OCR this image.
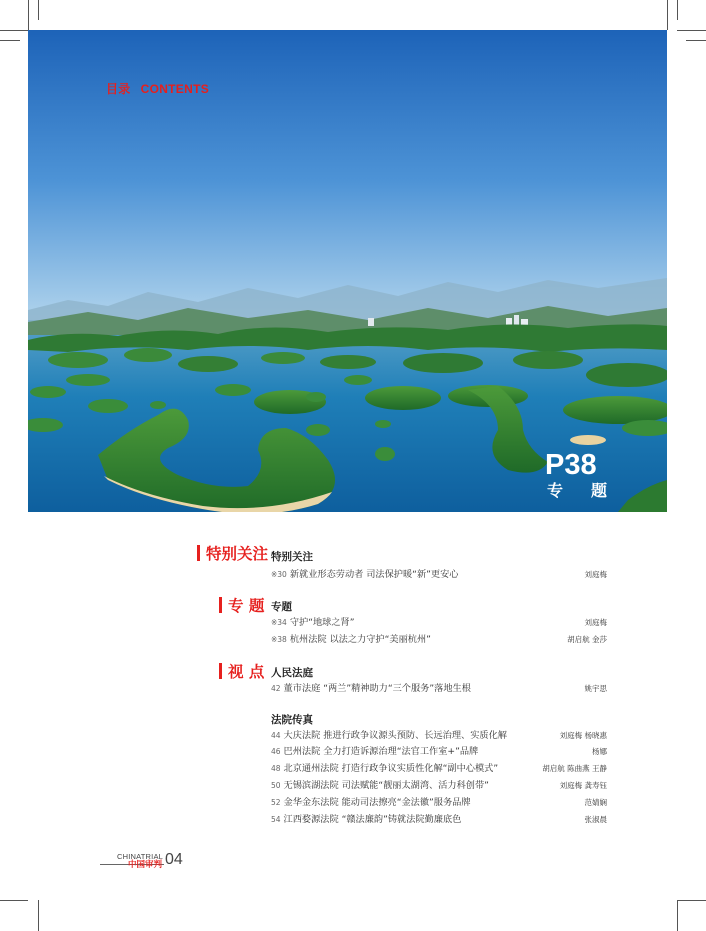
目录 CONTENTS
P38
专题
特别关注
专 题
视 点
特别关注
专题
人民法庭
法院传真
※30 新就业形态劳动者 司法保护暖“新”更安心	刘庭梅
※34 守护“地球之肾”	刘庭梅
※38 杭州法院 以法之力守护“美丽杭州”	胡启航 金莎
42 董市法庭 “两兰”精神助力“三个服务”落地生根	姚宇思
44 大庆法院 推进行政争议源头预防、长远治理、实质化解	刘庭梅 杨晓惠
46 巴州法院 全力打造诉源治理“法官工作室+”品牌	杨娜
48 北京通州法院 打造行政争议实质性化解“副中心模式”	胡启航 陈曲燕 王静
50 无锡滨湖法院 司法赋能“靓丽太湖湾、活力科创带”	刘庭梅 龚寿钰
52 金华金东法院 能动司法擦亮“金法徽”服务品牌	范婧娴
54 江西婺源法院 “赣法廉韵”铸就法院勤廉底色	张淑晨
CHINATRIAL
中国审判 04
